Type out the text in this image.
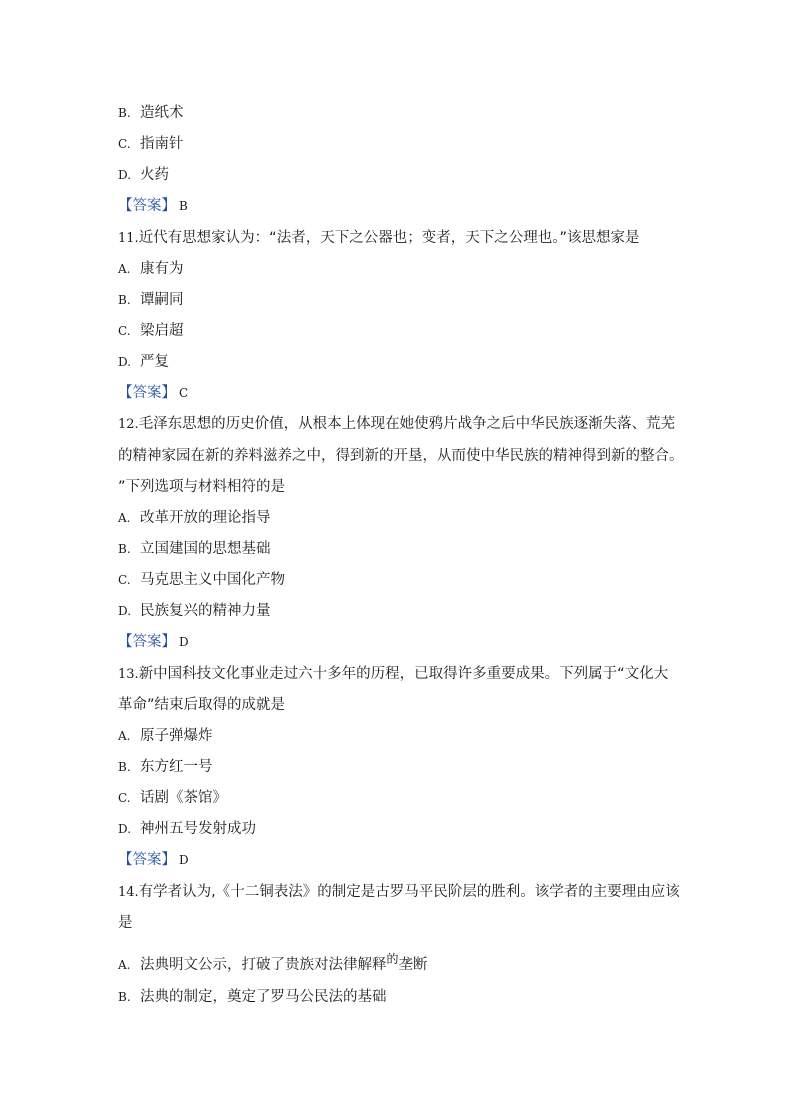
B. 造纸术
C. 指南针
D. 火药
【答案】 B
11.近代有思想家认为：“法者，天下之公器也；变者，天下之公理也。”该思想家是
A. 康有为
B. 谭嗣同
C. 梁启超
D. 严复
【答案】 C
12.毛泽东思想的历史价值，从根本上体现在她使鸦片战争之后中华民族逐渐失落、荒芜
的精神家园在新的养料滋养之中，得到新的开垦，从而使中华民族的精神得到新的整合。
”下列选项与材料相符的是
A. 改革开放的理论指导
B. 立国建国的思想基础
C. 马克思主义中国化产物
D. 民族复兴的精神力量
【答案】 D
13.新中国科技文化事业走过六十多年的历程，已取得许多重要成果。下列属于“文化大
革命”结束后取得的成就是
A. 原子弹爆炸
B. 东方红一号
C. 话剧《茶馆》
D. 神州五号发射成功
【答案】 D
14.有学者认为,《十二铜表法》的制定是古罗马平民阶层的胜利。该学者的主要理由应该
是
A. 法典明文公示，打破了贵族对法律解释$^的$垄断
B. 法典的制定，奠定了罗马公民法的基础
